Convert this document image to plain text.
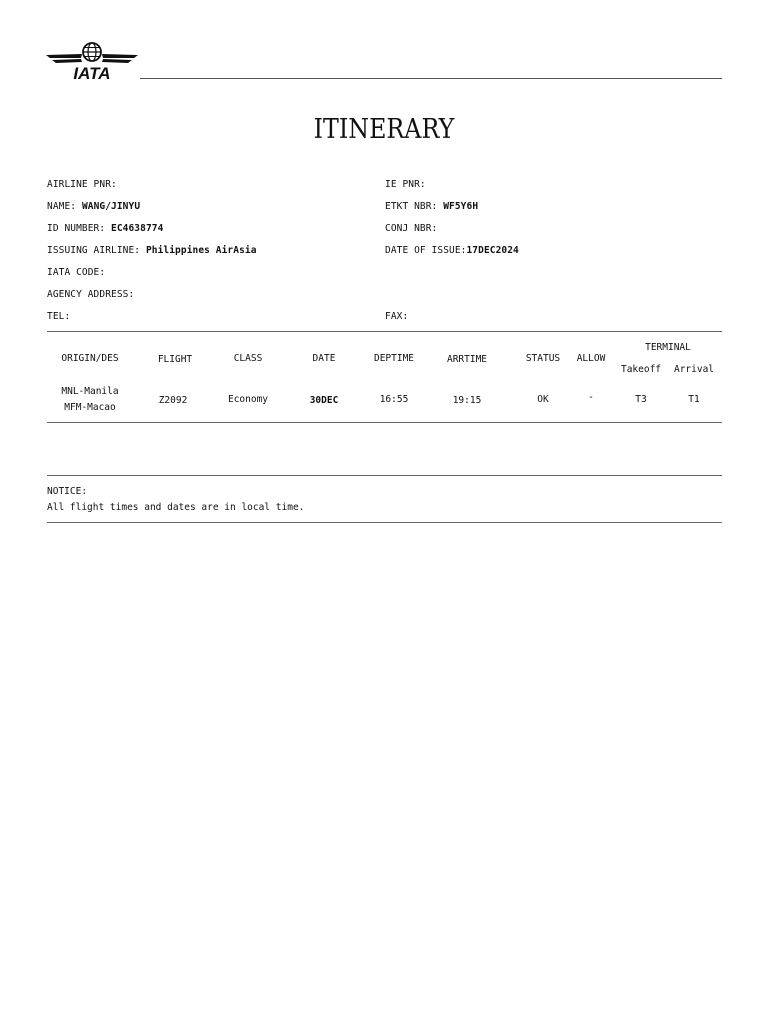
IATA
ITINERARY
AIRLINE PNR:
NAME: WANG/JINYU
ID NUMBER: EC4638774
ISSUING AIRLINE: Philippines AirAsia
IATA CODE:
AGENCY ADDRESS:
TEL:
IE PNR:
ETKT NBR: WF5Y6H
CONJ NBR:
DATE OF ISSUE:17DEC2024
FAX:
ORIGIN/DES	FLIGHT	CLASS	DATE	DEPTIME	ARRTIME	STATUS	ALLOW
TERMINAL
Takeoff	Arrival
MNL-Manila
MFM-Macao
Z2092	Economy	30DEC	16:55	19:15	OK	-	T3	T1
NOTICE:
All flight times and dates are in local time.
